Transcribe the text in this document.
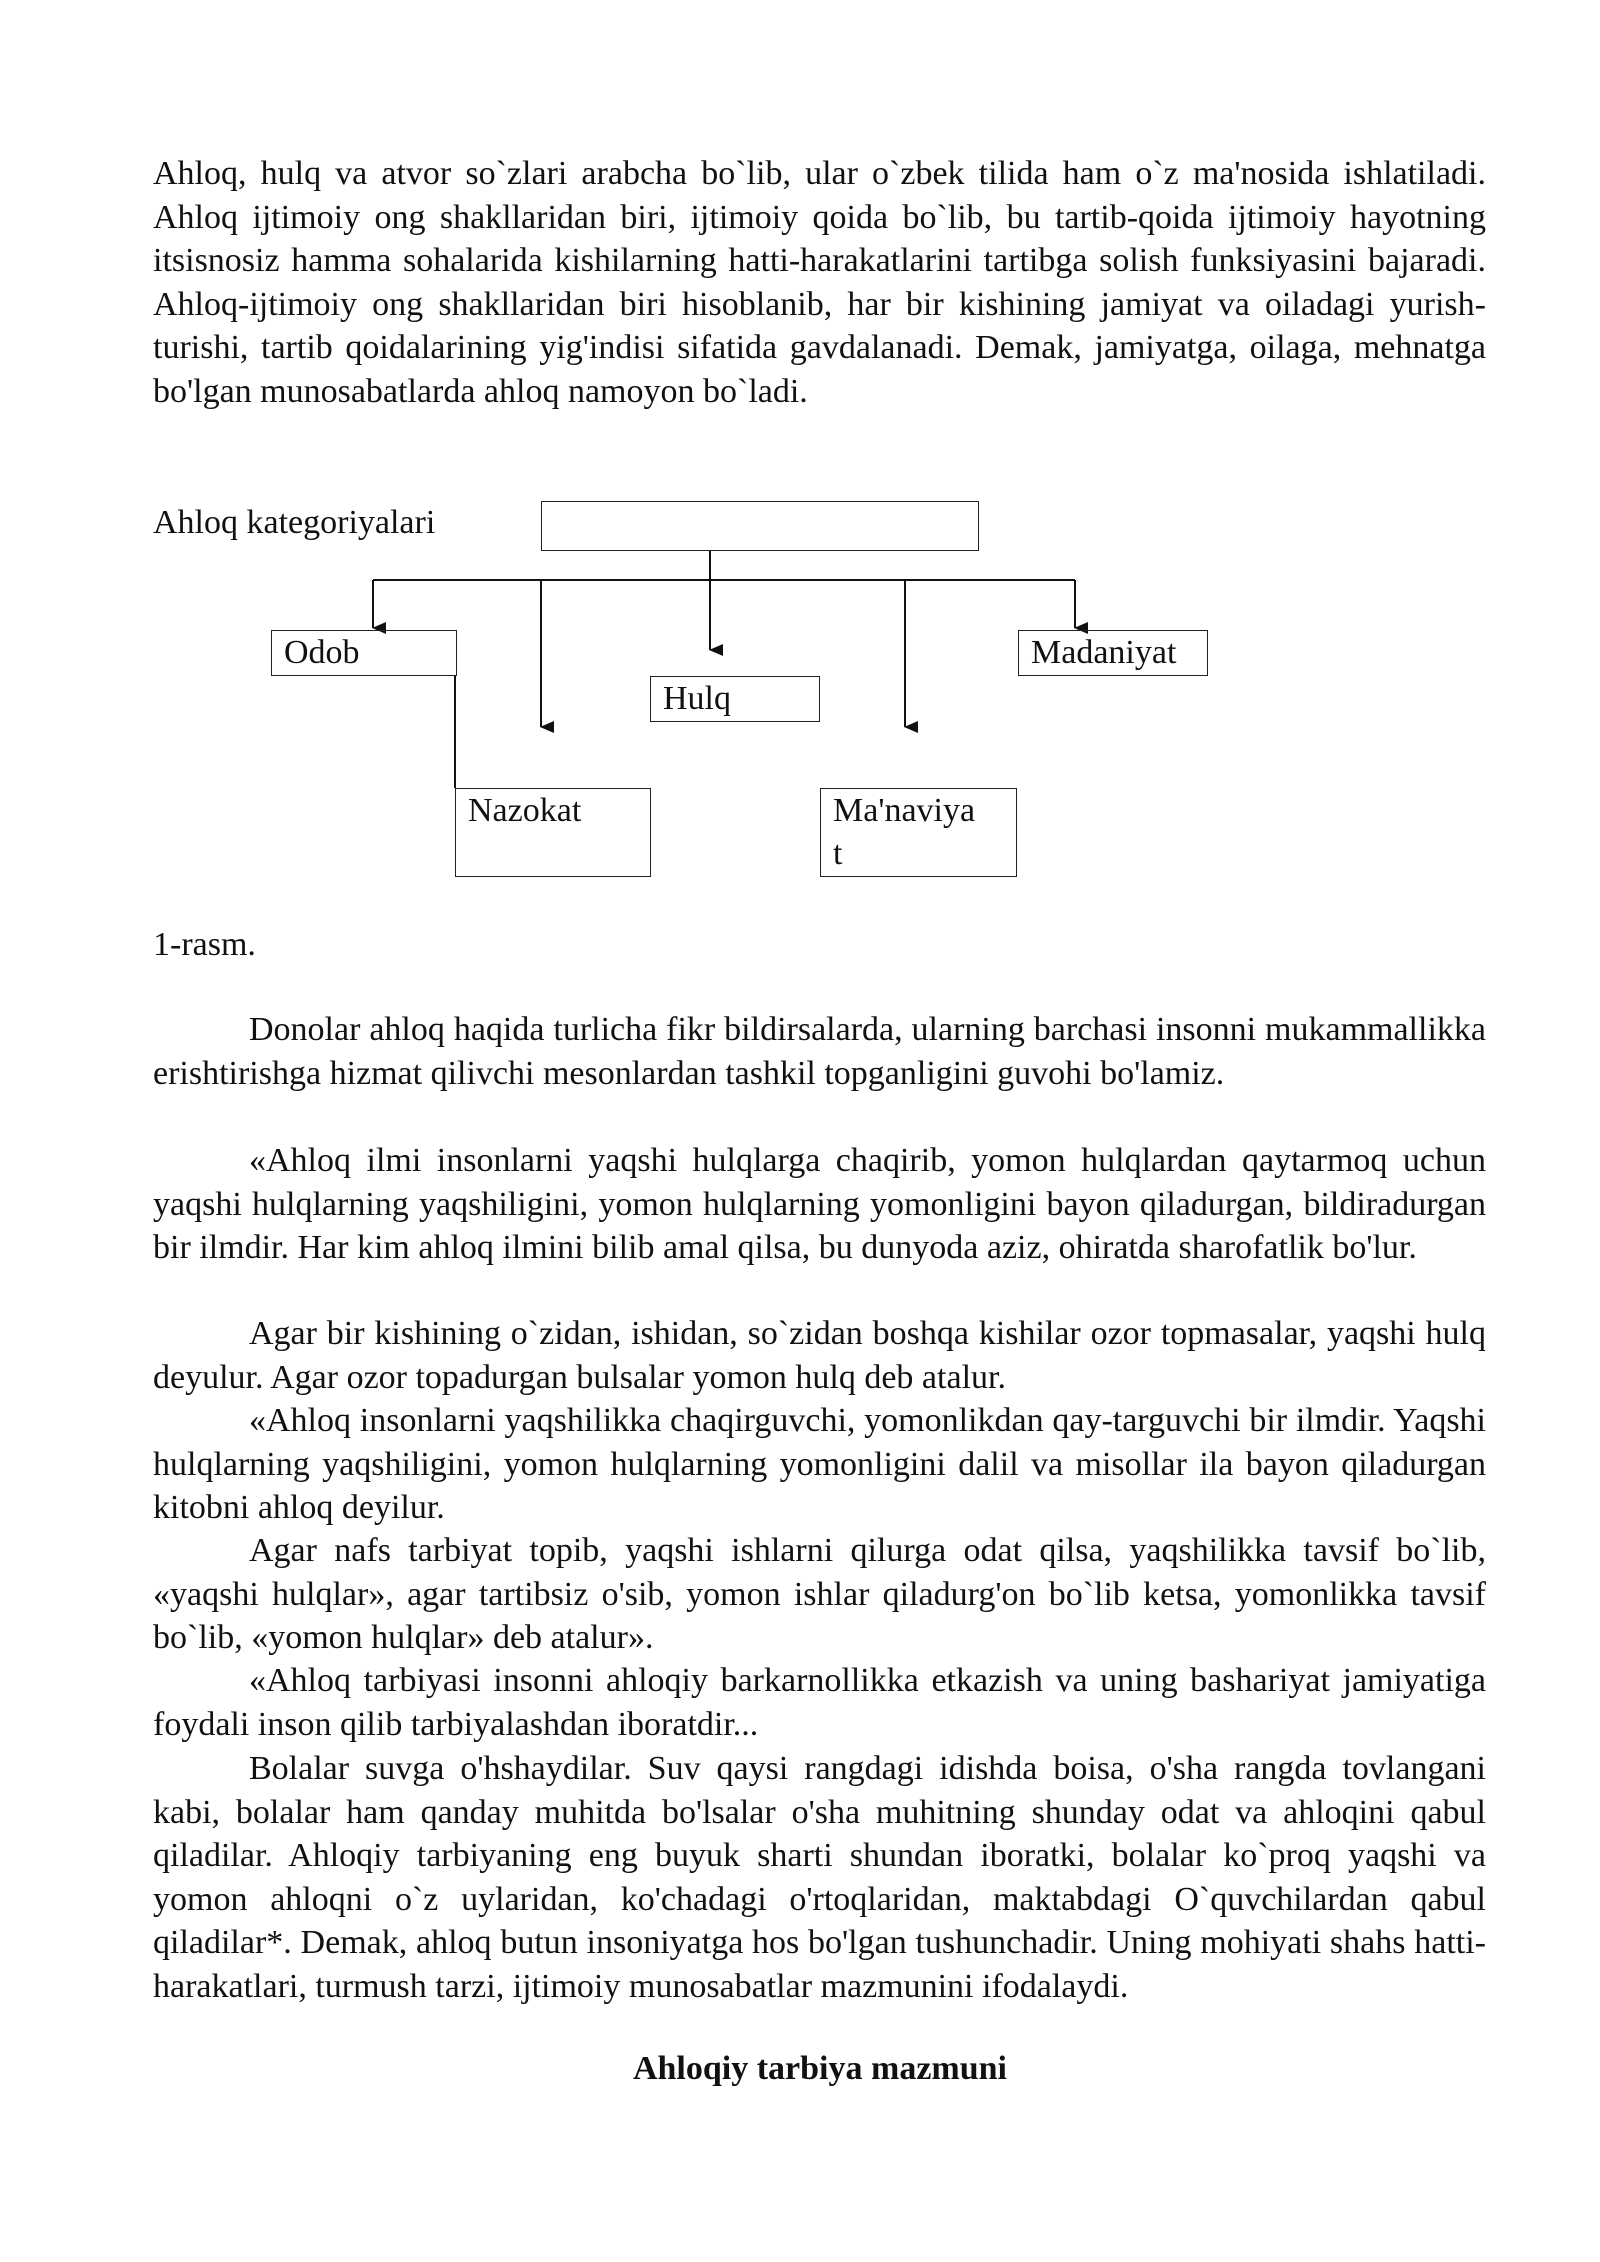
Ahloq, hulq va atvor so`zlari arabcha bo`lib, ular o`zbek tilida ham o`z ma'nosida ishlatiladi. Ahloq ijtimoiy ong shakllaridan biri, ijtimoiy qoida bo`lib, bu tartib-qoida ijtimoiy hayotning itsisnosiz hamma sohalarida kishilarning hatti-harakatlarini tartibga solish funksiyasini bajaradi. Ahloq-ijtimoiy ong shakllaridan biri hisoblanib, har bir kishining jamiyat va oiladagi yurish-turishi, tartib qoidalarining yig'indisi sifatida gavdalanadi. Demak, jamiyatga, oilaga, mehnatga bo'lgan munosabatlarda ahloq namoyon bo`ladi.

Ahloq kategoriyalari
Odob
Hulq
Madaniyat
Nazokat	Ma'naviya
t
1-rasm.

Donolar ahloq haqida turlicha fikr bildirsalarda, ularning barchasi insonni mukammallikka erishtirishga hizmat qilivchi mesonlardan tashkil topganligini guvohi bo'lamiz.

«Ahloq ilmi insonlarni yaqshi hulqlarga chaqirib, yomon hulqlardan qaytarmoq uchun yaqshi hulqlarning yaqshiligini, yomon hulqlarning yomonligini bayon qiladurgan, bildiradurgan bir ilmdir. Har kim ahloq ilmini bilib amal qilsa, bu dunyoda aziz, ohiratda sharofatlik bo'lur.

Agar bir kishining o`zidan, ishidan, so`zidan boshqa kishilar ozor topmasalar, yaqshi hulq deyulur. Agar ozor topadurgan bulsalar yomon hulq deb atalur.

«Ahloq insonlarni yaqshilikka chaqirguvchi, yomonlikdan qay-targuvchi bir ilmdir. Yaqshi hulqlarning yaqshiligini, yomon hulqlarning yomonligini dalil va misollar ila bayon qiladurgan kitobni ahloq deyilur.

Agar nafs tarbiyat topib, yaqshi ishlarni qilurga odat qilsa, yaqshilikka tavsif bo`lib, «yaqshi hulqlar», agar tartibsiz o'sib, yomon ishlar qiladurg'on bo`lib ketsa, yomonlikka tavsif bo`lib, «yomon hulqlar» deb atalur».

«Ahloq tarbiyasi insonni ahloqiy barkarnollikka etkazish va uning bashariyat jamiyatiga foydali inson qilib tarbiyalashdan iboratdir...

Bolalar suvga o'hshaydilar. Suv qaysi rangdagi idishda boisa, o'sha rangda tovlangani kabi, bolalar ham qanday muhitda bo'lsalar o'sha muhitning shunday odat va ahloqini qabul qiladilar. Ahloqiy tarbiyaning eng buyuk sharti shundan iboratki, bolalar ko`proq yaqshi va yomon ahloqni o`z uylaridan, ko'chadagi o'rtoqlaridan, maktabdagi O`quvchilardan qabul qiladilar*. Demak, ahloq butun insoniyatga hos bo'lgan tushunchadir. Uning mohiyati shahs hatti-harakatlari, turmush tarzi, ijtimoiy munosabatlar mazmunini ifodalaydi.

Ahloqiy tarbiya mazmuni
